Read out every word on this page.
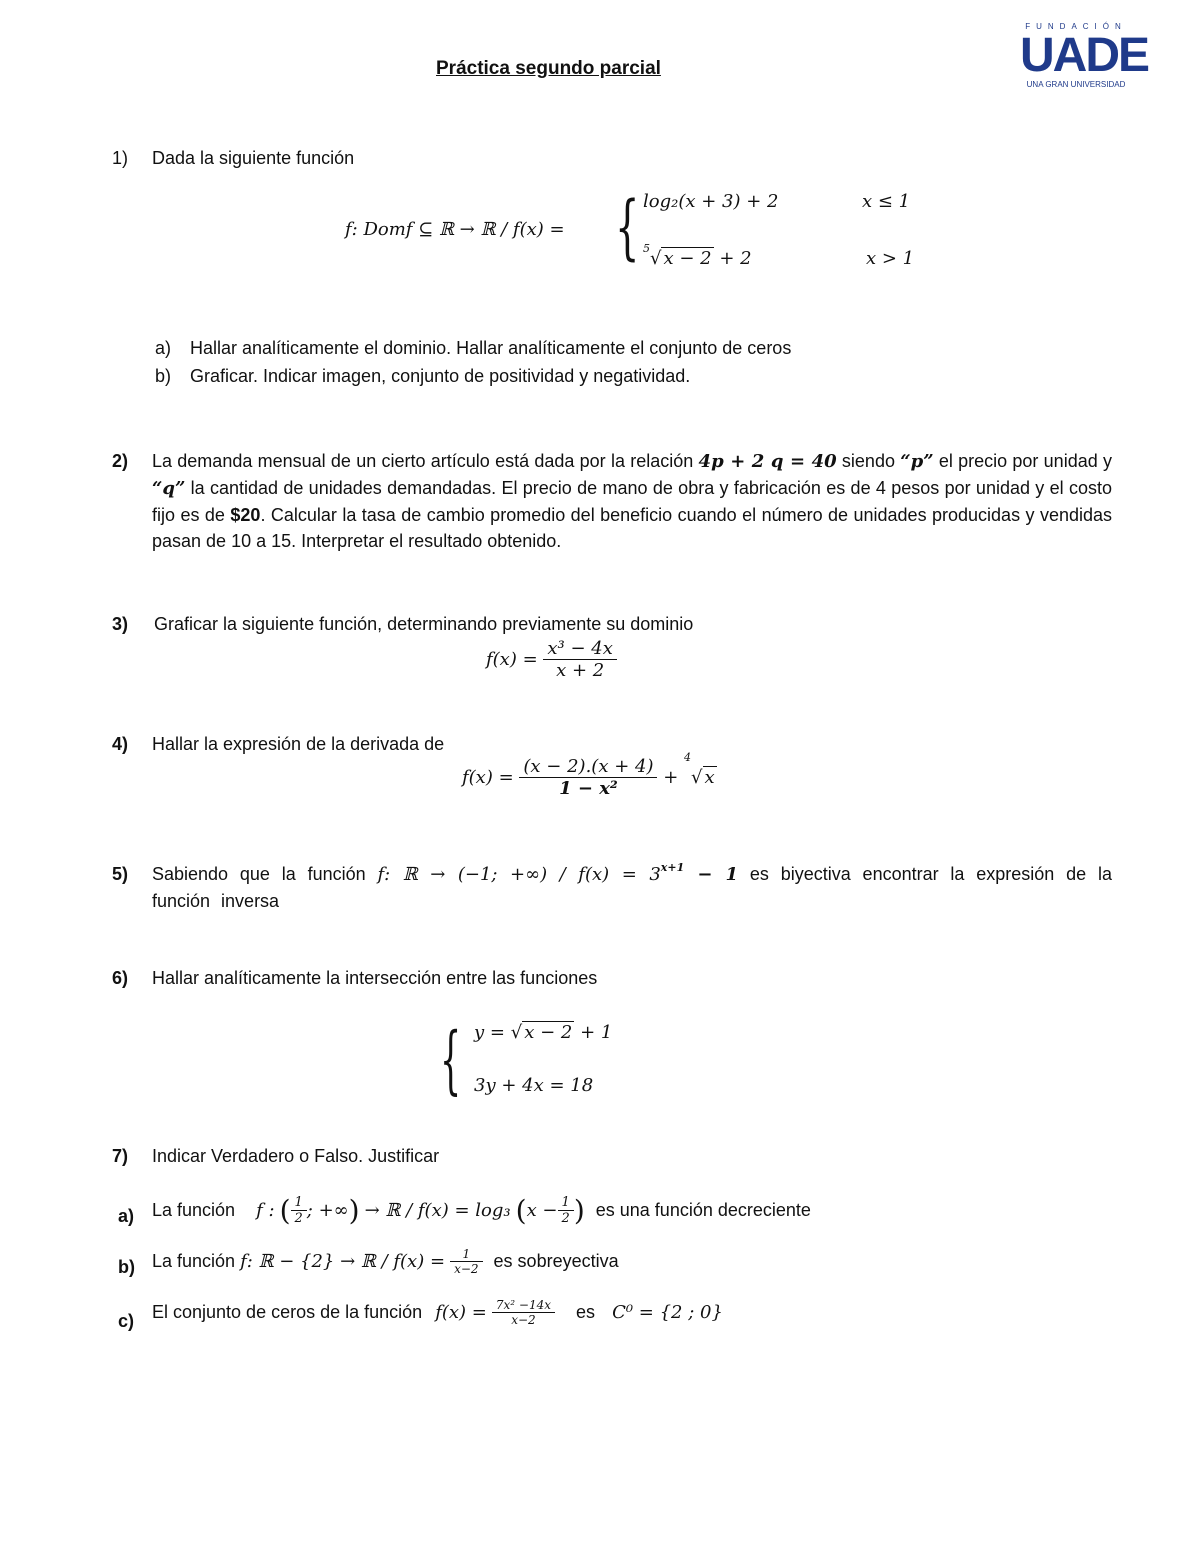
Práctica segundo parcial
FUNDACIÓN
UADE
UNA GRAN UNIVERSIDAD
1) Dada la siguiente función
f: Domf ⊆ ℝ → ℝ / f(x) = { log₂(x + 3) + 2	x ≤ 1
$^5$√ x − 2 + 2	x > 1
a) Hallar analíticamente el dominio. Hallar analíticamente el conjunto de ceros
b) Graficar. Indicar imagen, conjunto de positividad y negatividad.
2) La demanda mensual de un cierto artículo está dada por la relación 4p + 2 q = 40 siendo “p” el precio por unidad y “q” la cantidad de unidades demandadas. El precio de mano de obra y fabricación es de 4 pesos por unidad y el costo fijo es de $20. Calcular la tasa de cambio promedio del beneficio cuando el número de unidades producidas y vendidas pasan de 10 a 15. Interpretar el resultado obtenido.
3) Graficar la siguiente función, determinando previamente su dominio
$f(x) = \frac{\text{x³ − 4x}}{x + 2}$
4) Hallar la expresión de la derivada de
$f(x) = \frac{(x - 2).(x + 4)}{\text{1 − x²}} + ^4√$ x
5) Sabiendo que la función f: ℝ → (−1; +∞) / $f(x) = 3^{x+1} - 1$ es biyectiva encontrar la expresión de la función inversa
6) Hallar analíticamente la intersección entre las funciones
{ y = √ x − 2 + 1
3y + 4x = 18
7) Indicar Verdadero o Falso. Justificar
a) La función f : ( $\frac{1}{2}$ ; +∞) → ℝ / f(x) = log₃ ($x - \frac{1}{2}$ ) es una función decreciente
b) La función f: ℝ − {2} → ℝ / $f(x) = \frac{1}{x-2}$ es sobreyectiva
c) El conjunto de ceros de la función $f(x) = \frac{\text{7x² −14x}}{x-2}$ es C⁰ = {2 ; 0}
